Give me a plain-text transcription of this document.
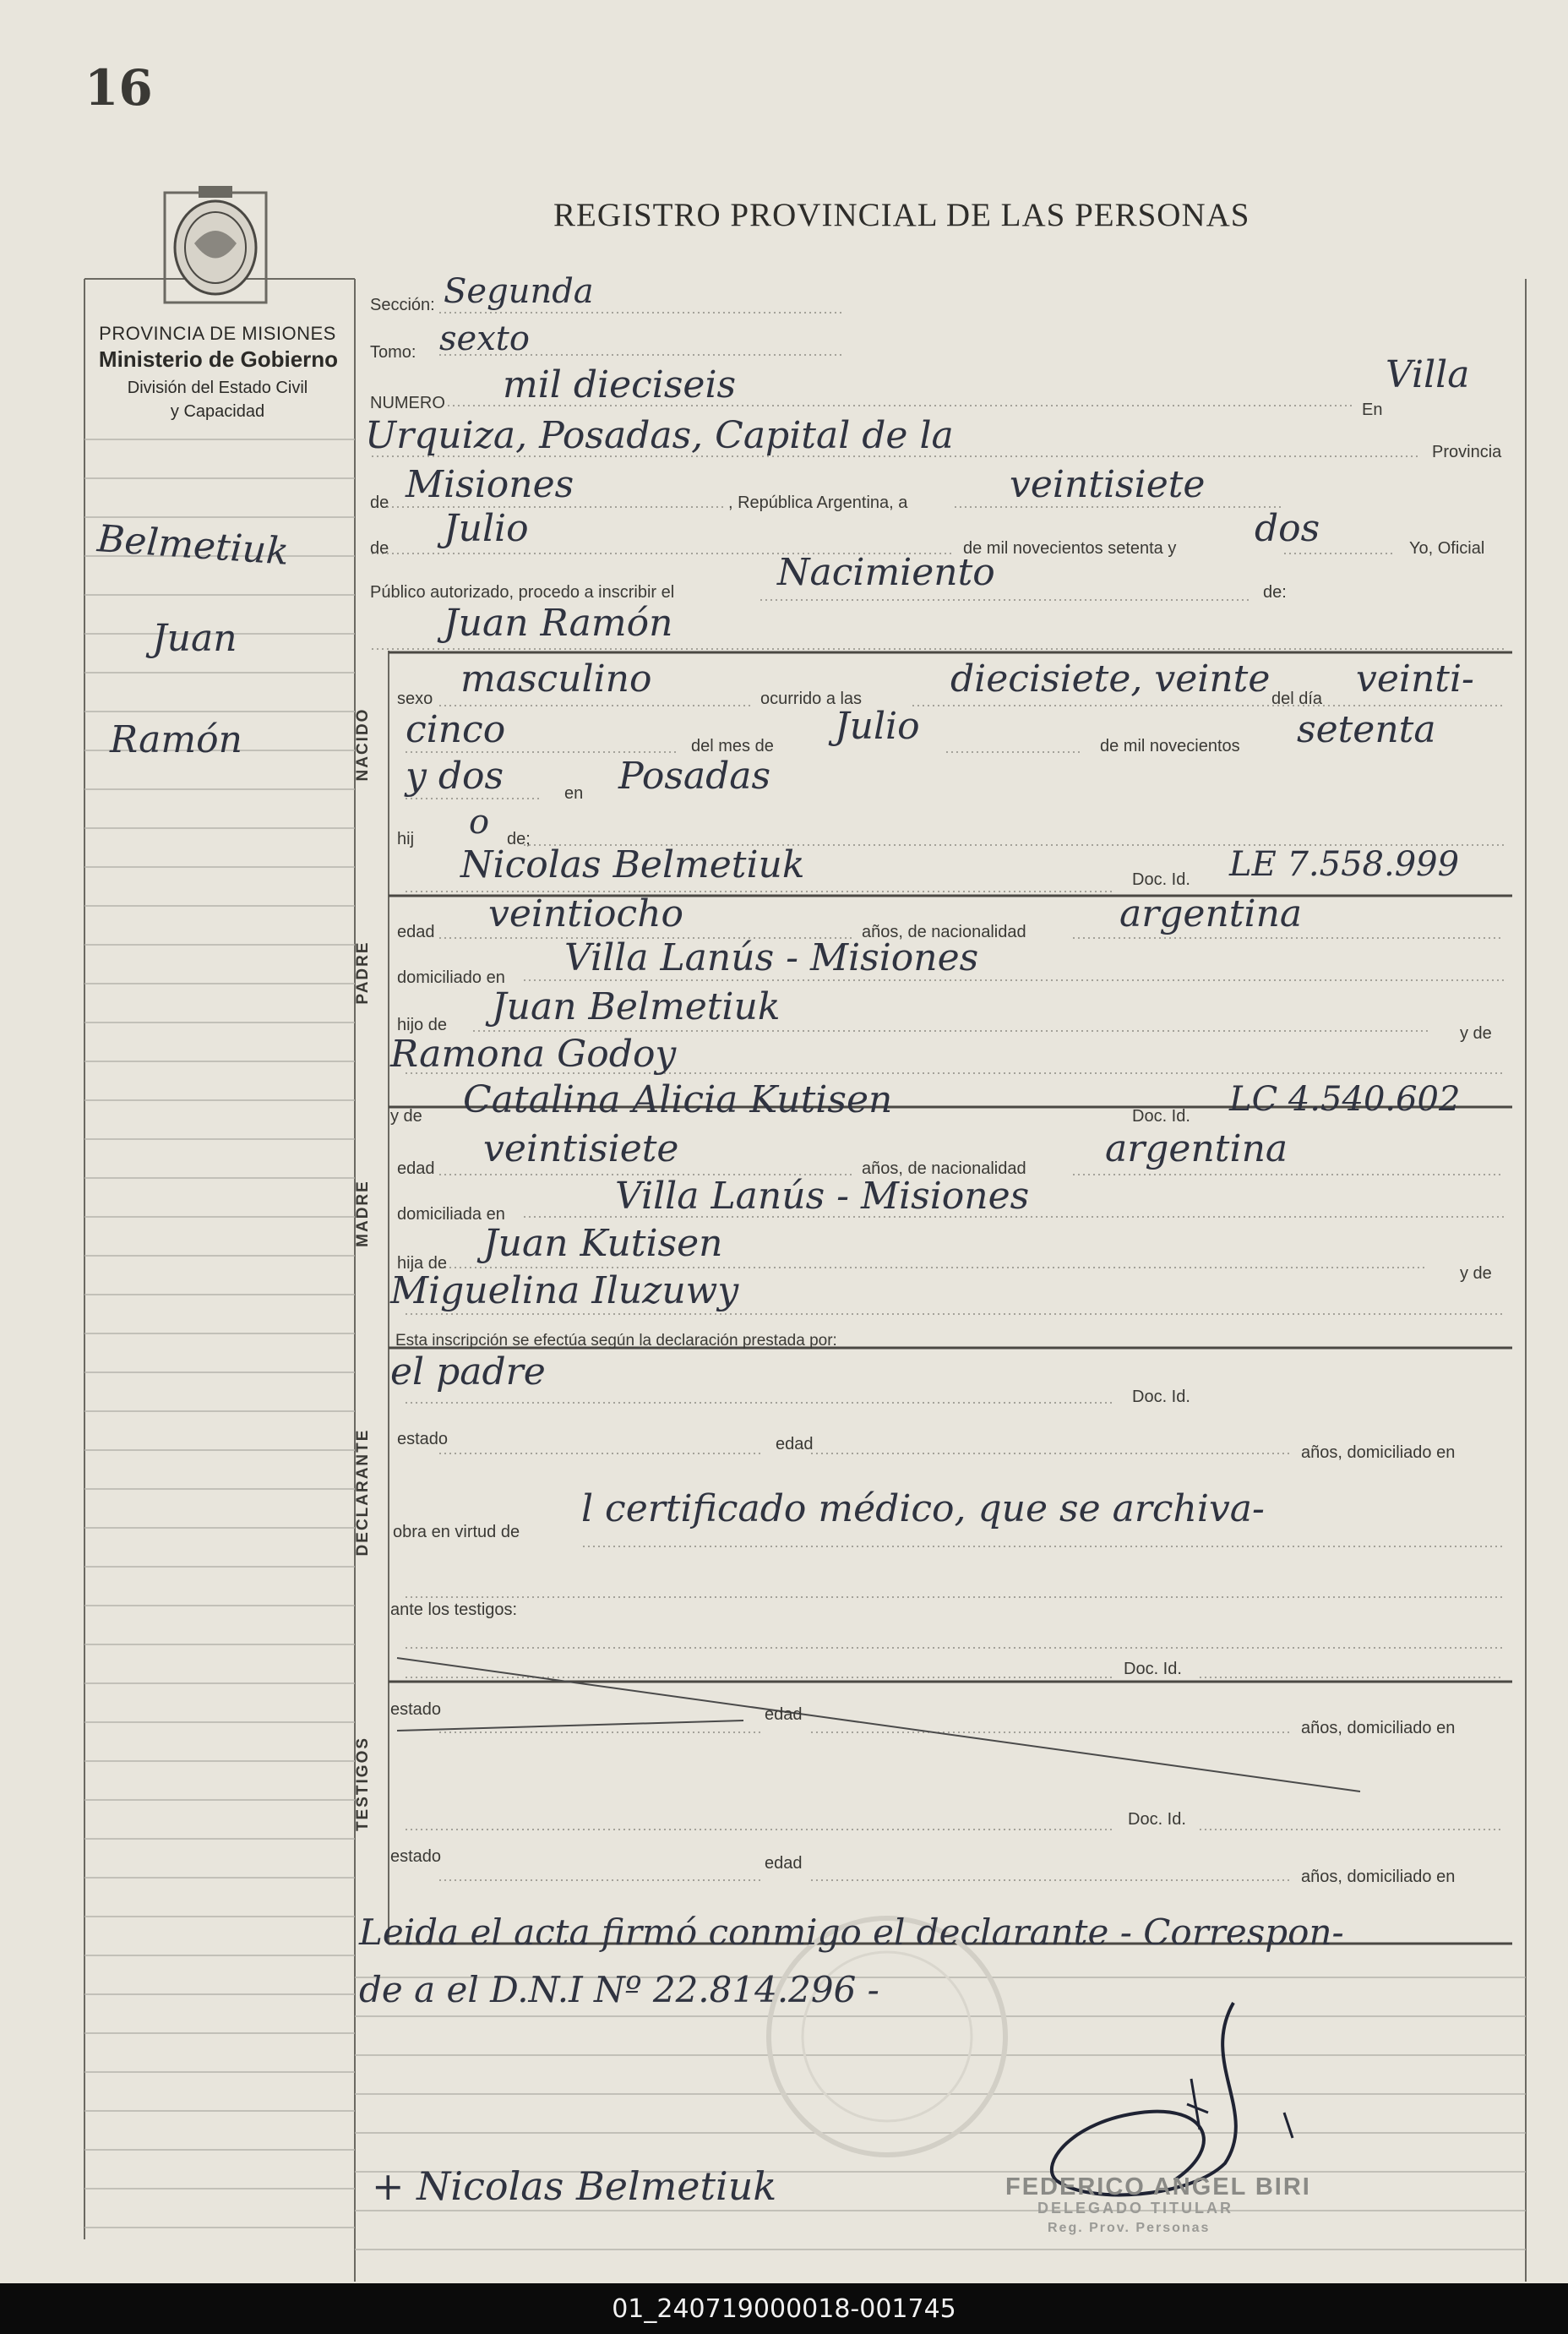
16
REGISTRO PROVINCIAL DE LAS PERSONAS
PROVINCIA DE MISIONES
Ministerio de Gobierno
División del Estado Civil
y Capacidad
Belmetiuk
Juan
Ramón
Sección: Segunda
Tomo: sexto
NUMERO mil dieciseis
En
Villa
Urquiza, Posadas, Capital de la	Provincia
de Misiones	, República Argentina, a	veintisiete
de Julio	de mil novecientos setenta y dos	Yo, Oficial
Público autorizado, procedo a inscribir el	Nacimiento	de:
Juan Ramón
NACIDO
sexo masculino	ocurrido a las diecisiete, veinte del día veinti-
cinco	del mes de Julio	de mil novecientos setenta
y dos	en Posadas
hij o de;
PADRE
Nicolas Belmetiuk	Doc. Id. LE 7.558.999
edad veintiocho	años, de nacionalidad	argentina
domiciliado en Villa Lanús - Misiones
hijo de Juan Belmetiuk
y de
Ramona Godoy
MADRE
y de Catalina Alicia Kutisen	Doc. Id. LC 4.540.602
edad veintisiete	años, de nacionalidad argentina
domiciliada en	Villa Lanús - Misiones
hija de Juan Kutisen
y de
Miguelina Iluzuwy
DECLARANTE
Esta inscripción se efectúa según la declaración prestada por:
el padre
Doc. Id.
estado	edad	años, domiciliado en
obra en virtud de
l certificado médico, que se archiva-
ante los testigos:
TESTIGOS
Doc. Id.
estado	edad
años, domiciliado en
Doc. Id.
estado	edad
años, domiciliado en
Leida el acta firmó conmigo el declarante - Correspon-
de a el D.N.I Nº 22.814.296 -
+ Nicolas Belmetiuk	FEDERICO ANGEL BIRI
DELEGADO TITULAR
Reg. Prov. Personas
01_240719000018-001745
